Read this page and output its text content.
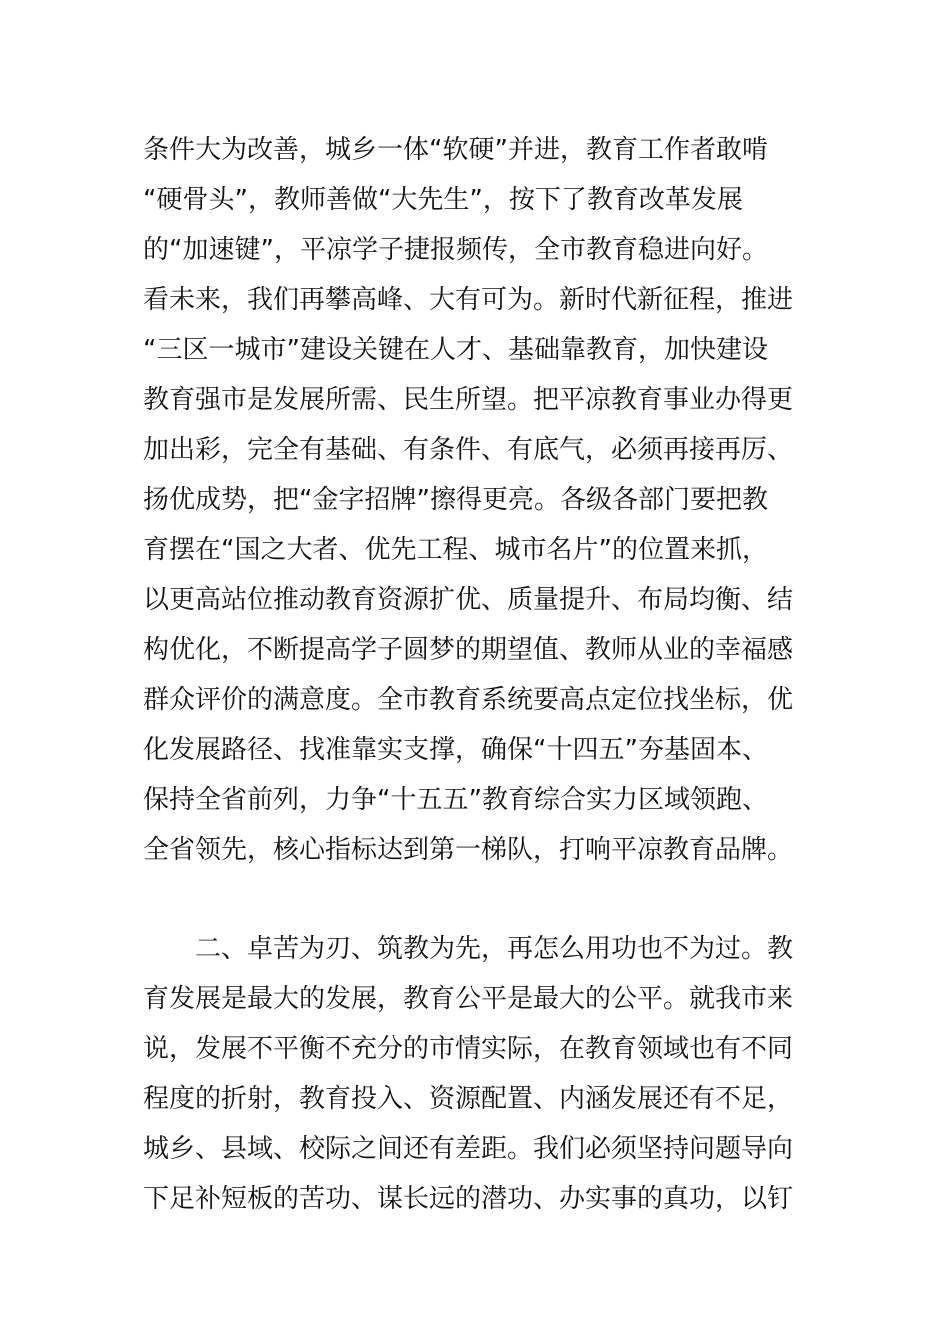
条件大为改善，城乡一体“软硬”并进，教育工作者敢啃

“硬骨头”，教师善做“大先生”，按下了教育改革发展

的“加速键”，平凉学子捷报频传，全市教育稳进向好。

看未来，我们再攀高峰、大有可为。新时代新征程，推进

“三区一城市”建设关键在人才、基础靠教育，加快建设

教育强市是发展所需、民生所望。把平凉教育事业办得更

加出彩，完全有基础、有条件、有底气，必须再接再厉、

扬优成势，把“金字招牌”擦得更亮。各级各部门要把教

育摆在“国之大者、优先工程、城市名片”的位置来抓，

以更高站位推动教育资源扩优、质量提升、布局均衡、结

构优化，不断提高学子圆梦的期望值、教师从业的幸福感

群众评价的满意度。全市教育系统要高点定位找坐标，优

化发展路径、找准靠实支撑，确保“十四五”夯基固本、

保持全省前列，力争“十五五”教育综合实力区域领跑、

全省领先，核心指标达到第一梯队，打响平凉教育品牌。

二、卓苦为刃、筑教为先，再怎么用功也不为过。教

育发展是最大的发展，教育公平是最大的公平。就我市来

说，发展不平衡不充分的市情实际，在教育领域也有不同

程度的折射，教育投入、资源配置、内涵发展还有不足，

城乡、县域、校际之间还有差距。我们必须坚持问题导向

下足补短板的苦功、谋长远的潜功、办实事的真功，以钉
